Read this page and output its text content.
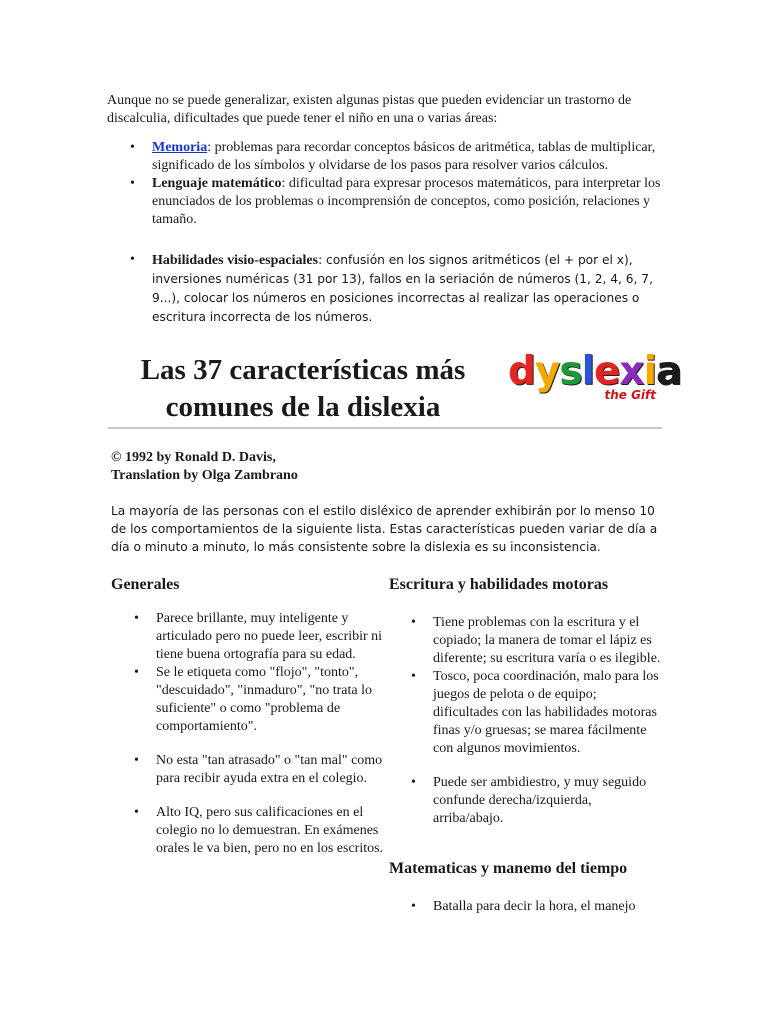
Aunque no se puede generalizar, existen algunas pistas que pueden evidenciar un trastorno de discalculia, dificultades que puede tener el niño en una o varias áreas:

• Memoria: problemas para recordar conceptos básicos de aritmética, tablas de multiplicar, significado de los símbolos y olvidarse de los pasos para resolver varios cálculos.
• Lenguaje matemático: dificultad para expresar procesos matemáticos, para interpretar los enunciados de los problemas o incomprensión de conceptos, como posición, relaciones y tamaño.
• Habilidades visio-espaciales: confusión en los signos aritméticos (el + por el x), inversiones numéricas (31 por 13), fallos en la seriación de números (1, 2, 4, 6, 7, 9...), colocar los números en posiciones incorrectas al realizar las operaciones o escritura incorrecta de los números.
Las 37 características más
comunes de la dislexia
dyslexia
the Gift

© 1992 by Ronald D. Davis,
Translation by Olga Zambrano

La mayoría de las personas con el estilo disléxico de aprender exhibirán por lo menso 10 de los comportamientos de la siguiente lista. Estas características pueden variar de día a día o minuto a minuto, lo más consistente sobre la dislexia es su inconsistencia.

Generales
• Parece brillante, muy inteligente y articulado pero no puede leer, escribir ni tiene buena ortografía para su edad.
• Se le etiqueta como "flojo", "tonto", "descuidado", "inmaduro", "no trata lo suficiente" o como "problema de comportamiento".
• No esta "tan atrasado" o "tan mal" como para recibir ayuda extra en el colegio.
• Alto IQ, pero sus calificaciones en el colegio no lo demuestran. En exámenes orales le va bien, pero no en los escritos.
Escritura y habilidades motoras
• Tiene problemas con la escritura y el copiado; la manera de tomar el lápiz es diferente; su escritura varía o es ilegible.
• Tosco, poca coordinación, malo para los juegos de pelota o de equipo; dificultades con las habilidades motoras finas y/o gruesas; se marea fácilmente con algunos movimientos.
• Puede ser ambidiestro, y muy seguido confunde derecha/izquierda, arriba/abajo.
Matematicas y manemo del tiempo
• Batalla para decir la hora, el manejo
